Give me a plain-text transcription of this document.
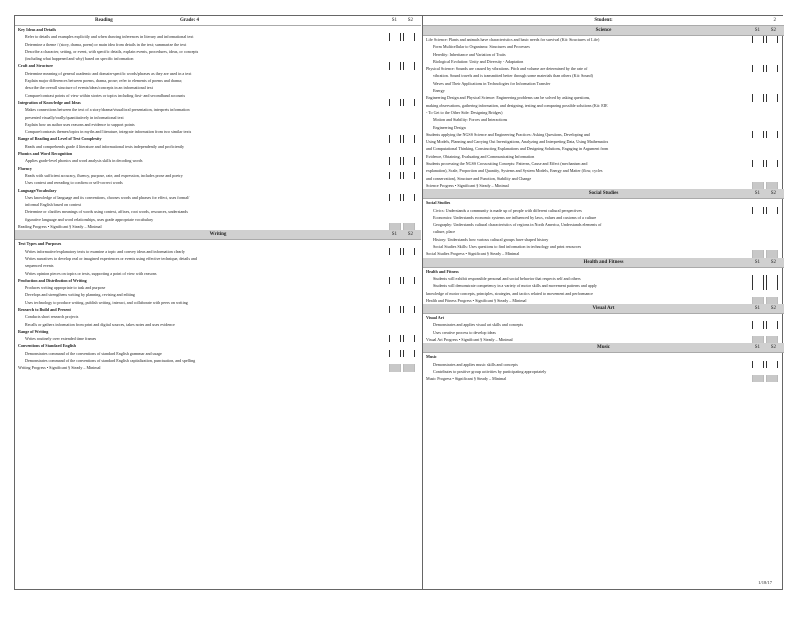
Reading	Grade: 4	S1 S2
Key Ideas and Details
Refer to details and examples explicitly and when drawing inferences in literary and informational text
Determine a theme / (story, drama, poem) or main idea from details in the text; summarize the text
Describe a character, setting, or event, with specific details, explain events, procedures, ideas, or concepts
(including what happened and why) based on specific information
Craft and Structure
Determine meaning of general academic and domain-specific words/phrases as they are used in a text
Explain major differences between poems, drama, prose; refer to elements of poems and drama;
describe the overall structure of events/ideas/concepts in an informational text
Compare/contrast points of view within stories or topics including first- and secondhand accounts
Integration of Knowledge and Ideas
Makes connections between the text of a story/drama/visual/oral presentation, interprets information
presented visually/orally/quantitatively in informational text
Explain how an author uses reasons and evidence to support points
Compare/contrasts themes/topics in myths and literature, integrate information from two similar texts
Range of Reading and Level of Text Complexity
Reads and comprehends grade 4 literature and informational texts independently and proficiently
Phonics and Word Recognition
Applies grade-level phonics and word analysis skills in decoding words
Fluency
Reads with sufficient accuracy, fluency, purpose, rate, and expression, includes prose and poetry
Uses context and rereading to confirm or self-correct words
Language/Vocabulary
Uses knowledge of language and its conventions, chooses words and phrases for effect, uses formal/
informal English based on context
Determine or clarifies meanings of words using context, affixes, root words, resources, understands
figurative language and word relationships, uses grade appropriate vocabulary
Reading Progress • Significant § Steady – Minimal
Writing	S1 S2
Text Types and Purposes
Writes informative/explanatory texts to examine a topic and convey ideas and information clearly
Writes narratives to develop real or imagined experiences or events using effective technique, details and
sequenced events
Writes opinion pieces on topics or texts, supporting a point of view with reasons
Production and Distribution of Writing
Produces writing appropriate to task and purpose
Develops and strengthens writing by planning, revising and editing
Uses technology to produce writing, publish writing, interact, and collaborate with peers on writing
Research to Build and Present
Conducts short research projects
Recalls or gathers information from print and digital sources, takes notes and uses evidence
Range of Writing
Writes routinely over extended time frames
Conventions of Standard English
Demonstrates command of the conventions of standard English grammar and usage
Demonstrates command of the conventions of standard English capitalization, punctuation, and spelling
Writing Progress • Significant § Steady – Minimal
Student:	2
Science	S1 S2
Life Science: Plants and animals have characteristics and basic needs for survival (Kit: Structures of Life)
Form Multicellular to Organisms: Structures and Processes
Heredity: Inheritance and Variation of Traits
Biological Evolution: Unity and Diversity - Adaptation
Physical Science: Sounds are caused by vibrations. Pitch and volume are determined by the rate of
vibration. Sound travels and is transmitted better through some materials than others (Kit: Sound)
Waves and Their Applications in Technologies for Information Transfer
Energy
Engineering Design and Physical Science: Engineering problems can be solved by asking questions,
making observations, gathering information, and designing, testing and comparing possible solutions (Kit: EIE
- To Get to the Other Side: Designing Bridges)
Motion and Stability: Forces and Interactions
Engineering Design
Students applying the NGSS Science and Engineering Practices: Asking Questions, Developing and
Using Models, Planning and Carrying Out Investigations, Analyzing and Interpreting Data, Using Mathematics
and Computational Thinking, Constructing Explanations and Designing Solutions, Engaging in Argument from
Evidence, Obtaining, Evaluating and Communicating Information
Students processing the NGSS Crosscutting Concepts: Patterns, Cause and Effect (mechanism and
explanation), Scale, Proportion and Quantity, Systems and System Models, Energy and Matter (flow, cycles
and conservation), Structure and Function, Stability and Change
Science Progress • Significant § Steady – Minimal
Social Studies	S1 S2
Social Studies
Civics: Understands a community is made up of people with different cultural perspectives
Economics: Understands economic systems are influenced by laws, values and customs of a culture
Geography: Understands cultural characteristics of regions in North America, Understands elements of
culture, place
History: Understands how various cultural groups have shaped history
Social Studies Skills: Uses questions to find information in technology and print resources
Social Studies Progress • Significant § Steady – Minimal
Health and Fitness	S1 S2
Health and Fitness
Students will exhibit responsible personal and social behavior that respects self and others
Students will demonstrate competency in a variety of motor skills and movement patterns and apply
knowledge of motor concepts, principles, strategies, and tactics related to movement and performance
Health and Fitness Progress • Significant § Steady – Minimal
Visual Art	S1 S2
Visual Art
Demonstrates and applies visual art skills and concepts
Uses creative process to develop ideas
Visual Art Progress • Significant § Steady – Minimal
Music	S1 S2
Music
Demonstrates and applies music skills and concepts
Contributes to positive group activities by participating appropriately
Music Progress • Significant § Steady – Minimal
1/18/17
